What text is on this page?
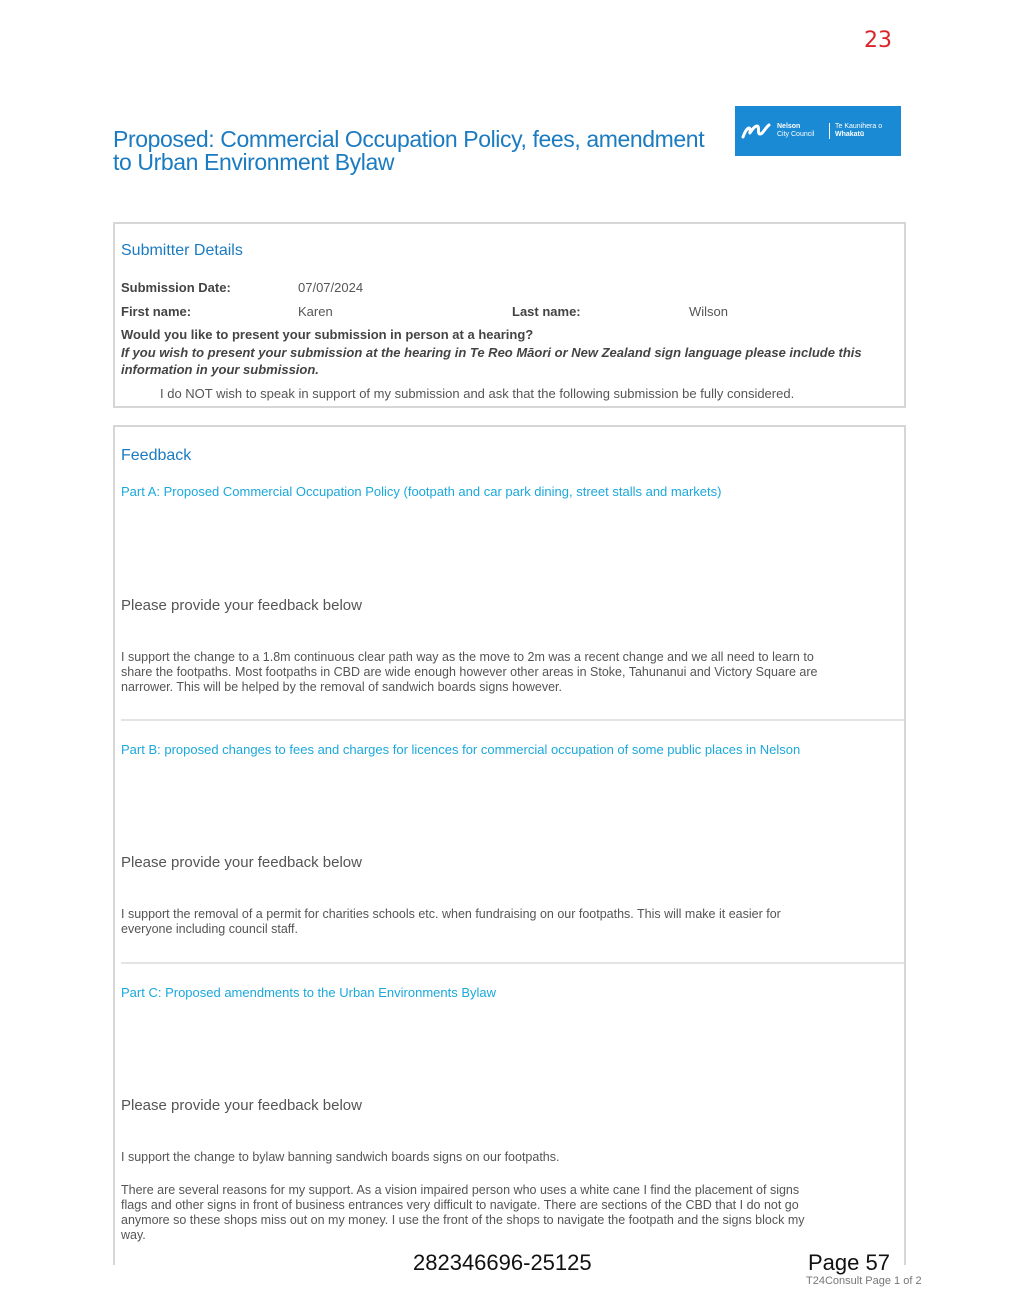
23
Proposed: Commercial Occupation Policy, fees, amendment to Urban Environment Bylaw
Nelson
City Council
Te Kaunihera o
Whakatū
Submitter Details
Submission Date:	07/07/2024
First name:	Karen	Last name:	Wilson
Would you like to present your submission in person at a hearing?
If you wish to present your submission at the hearing in Te Reo Māori or New Zealand sign language please include this information in your submission.
I do NOT wish to speak in support of my submission and ask that the following submission be fully considered.
Feedback
Part A: Proposed Commercial Occupation Policy (footpath and car park dining, street stalls and markets)
Please provide your feedback below

I support the change to a 1.8m continuous clear path way as the move to 2m was a recent change and we all need to learn to share the footpaths. Most footpaths in CBD are wide enough however other areas in Stoke, Tahunanui and Victory Square are narrower. This will be helped by the removal of sandwich boards signs however.

Part B: proposed changes to fees and charges for licences for commercial occupation of some public places in Nelson
Please provide your feedback below

I support the removal of a permit for charities schools etc. when fundraising on our footpaths. This will make it easier for everyone including council staff.

Part C: Proposed amendments to the Urban Environments Bylaw
Please provide your feedback below

I support the change to bylaw banning sandwich boards signs on our footpaths.

There are several reasons for my support. As a vision impaired person who uses a white cane I find the placement of signs flags and other signs in front of business entrances very difficult to navigate. There are sections of the CBD that I do not go anymore so these shops miss out on my money. I use the front of the shops to navigate the footpath and the signs block my way.

282346696-25125	Page 57
T24Consult Page 1 of 2
